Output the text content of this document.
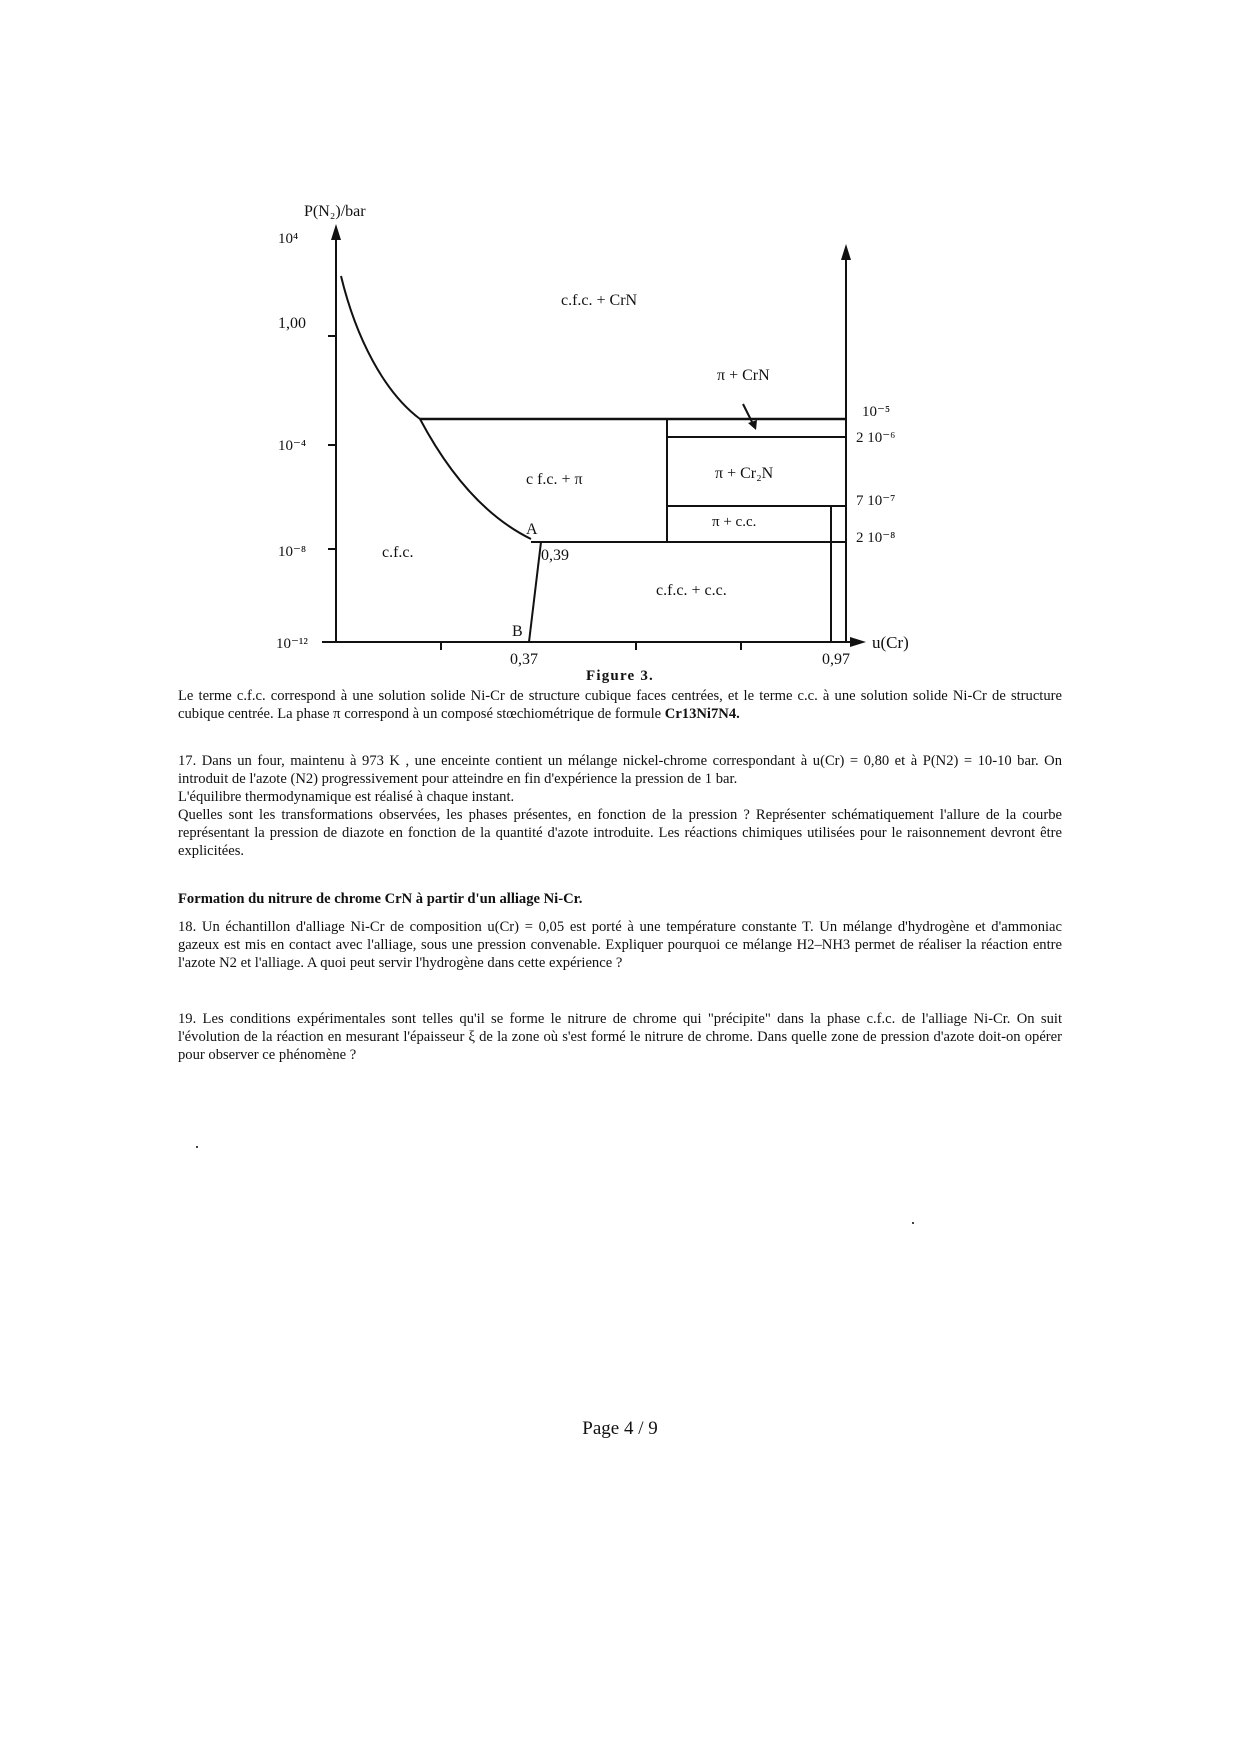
P(N₂)/bar
10⁴
1,00
10⁻⁴
10⁻⁸
10⁻¹²
10⁻⁵
2 10⁻⁶
7 10⁻⁷
2 10⁻⁸
u(Cr)
0,37	0,97
A
0,39
B
c.f.c. + CrN
π + CrN
c f.c. + π	π + Cr₂N
π + c.c.
c.f.c.
c.f.c. + c.c.
Figure 3.
Le terme c.f.c. correspond à une solution solide Ni-Cr de structure cubique faces centrées, et le terme c.c. à une solution solide Ni-Cr de structure cubique centrée. La phase π correspond à un composé stœchiométrique de formule Cr13Ni7N4.
17. Dans un four, maintenu à 973 K , une enceinte contient un mélange nickel-chrome correspondant à u(Cr) = 0,80 et à P(N2) = 10-10 bar. On introduit de l'azote (N2) progressivement pour atteindre en fin d'expérience la pression de 1 bar.
L'équilibre thermodynamique est réalisé à chaque instant.
Quelles sont les transformations observées, les phases présentes, en fonction de la pression ? Représenter schématiquement l'allure de la courbe représentant la pression de diazote en fonction de la quantité d'azote introduite. Les réactions chimiques utilisées pour le raisonnement devront être explicitées.
Formation du nitrure de chrome CrN à partir d'un alliage Ni-Cr.
18. Un échantillon d'alliage Ni-Cr de composition u(Cr) = 0,05 est porté à une température constante T. Un mélange d'hydrogène et d'ammoniac gazeux est mis en contact avec l'alliage, sous une pression convenable. Expliquer pourquoi ce mélange H2–NH3 permet de réaliser la réaction entre l'azote N2 et l'alliage. A quoi peut servir l'hydrogène dans cette expérience ?
19. Les conditions expérimentales sont telles qu'il se forme le nitrure de chrome qui "précipite" dans la phase c.f.c. de l'alliage Ni-Cr. On suit l'évolution de la réaction en mesurant l'épaisseur ξ de la zone où s'est formé le nitrure de chrome. Dans quelle zone de pression d'azote doit-on opérer pour observer ce phénomène ?
Page 4 / 9
